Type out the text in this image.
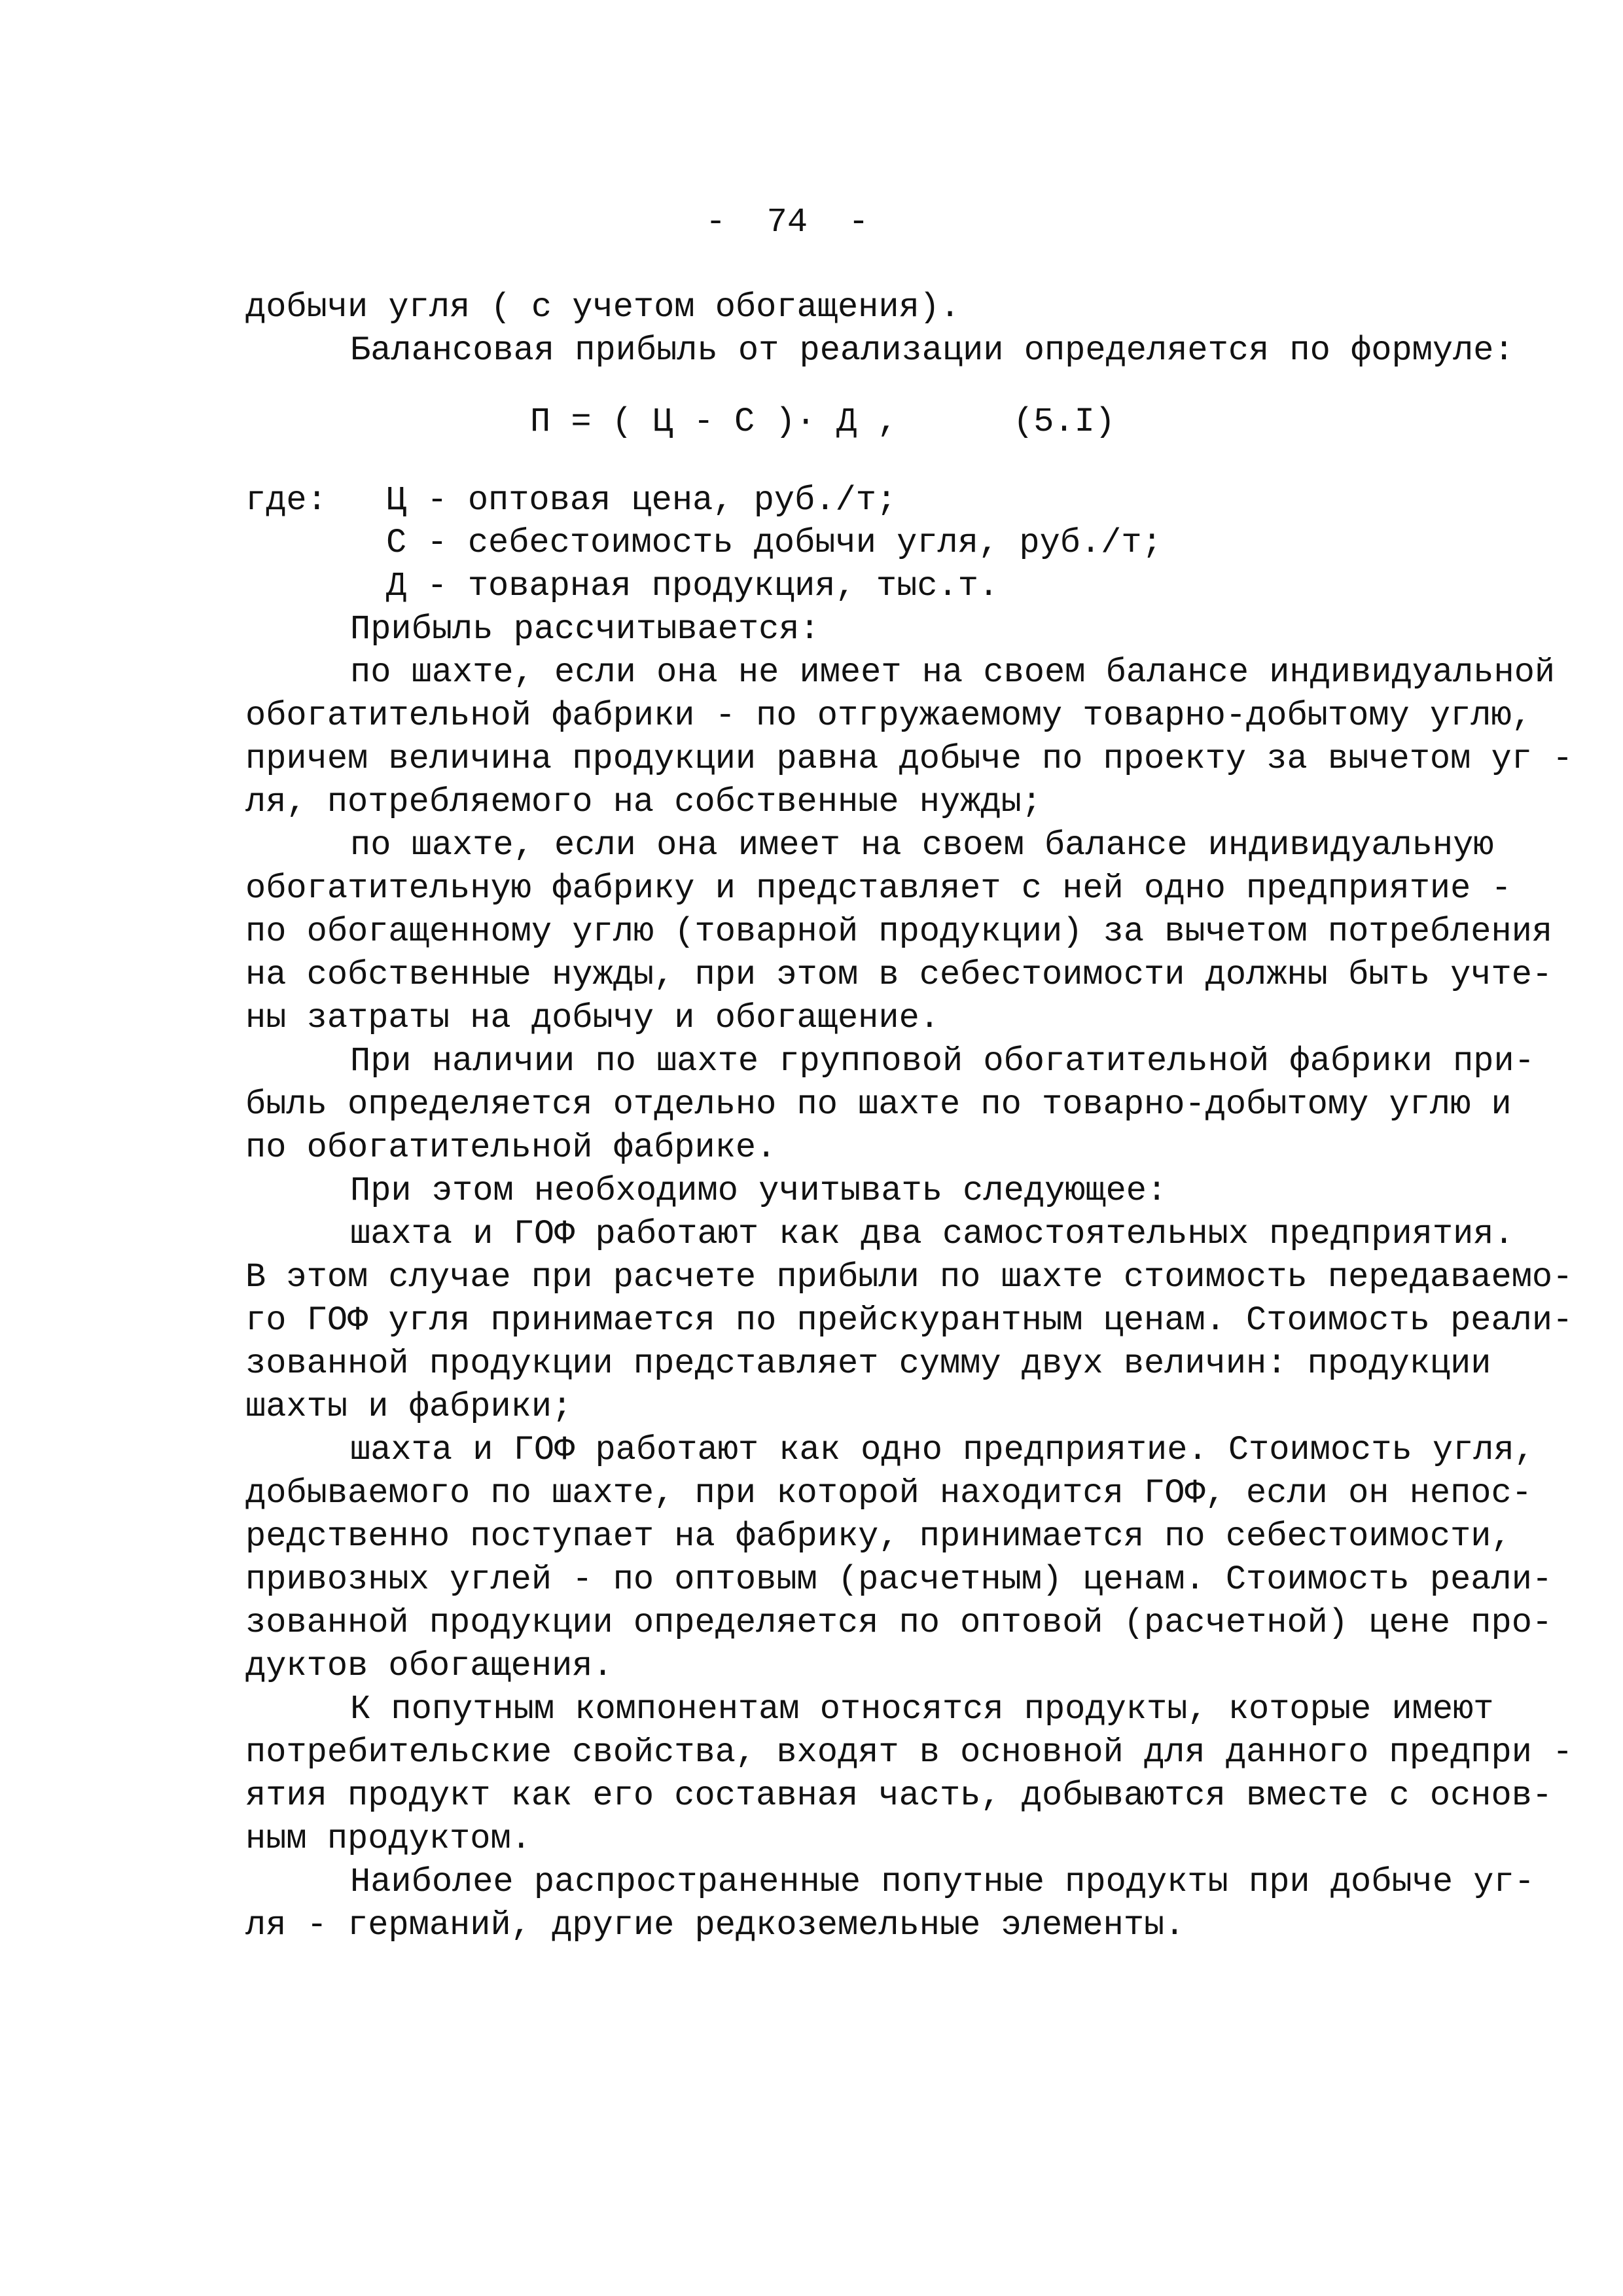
-  74  -
добычи угля ( с учетом обогащения).
Балансовая прибыль от реализации определяется по формуле:
П = ( Ц - С )· Д ,	(5.I)
где: Ц - оптовая цена, руб./т;
С - себестоимость добычи угля, руб./т;
Д - товарная продукция, тыс.т.
Прибыль рассчитывается:
по шахте, если она не имеет на своем балансе индивидуальной
обогатительной фабрики - по отгружаемому товарно-добытому углю,
причем величина продукции равна добыче по проекту за вычетом уг -
ля, потребляемого на собственные нужды;
по шахте, если она имеет на своем балансе индивидуальную
обогатительную фабрику и представляет с ней одно предприятие -
по обогащенному углю (товарной продукции) за вычетом потребления
на собственные нужды, при этом в себестоимости должны быть учте-
ны затраты на добычу и обогащение.
При наличии по шахте групповой обогатительной фабрики при-
быль определяется отдельно по шахте по товарно-добытому углю и
по обогатительной фабрике.
При этом необходимо учитывать следующее:
шахта и ГОФ работают как два самостоятельных предприятия.
В этом случае при расчете прибыли по шахте стоимость передаваемо-
го ГОФ угля принимается по прейскурантным ценам. Стоимость реали-
зованной продукции представляет сумму двух величин: продукции
шахты и фабрики;
шахта и ГОФ работают как одно предприятие. Стоимость угля,
добываемого по шахте, при которой находится ГОФ, если он непос-
редственно поступает на фабрику, принимается по себестоимости,
привозных углей - по оптовым (расчетным) ценам. Стоимость реали-
зованной продукции определяется по оптовой (расчетной) цене про-
дуктов обогащения.
К попутным компонентам относятся продукты, которые имеют
потребительские свойства, входят в основной для данного предпри -
ятия продукт как его составная часть, добываются вместе с основ-
ным продуктом.
Наиболее распространенные попутные продукты при добыче уг-
ля - германий, другие редкоземельные элементы.
